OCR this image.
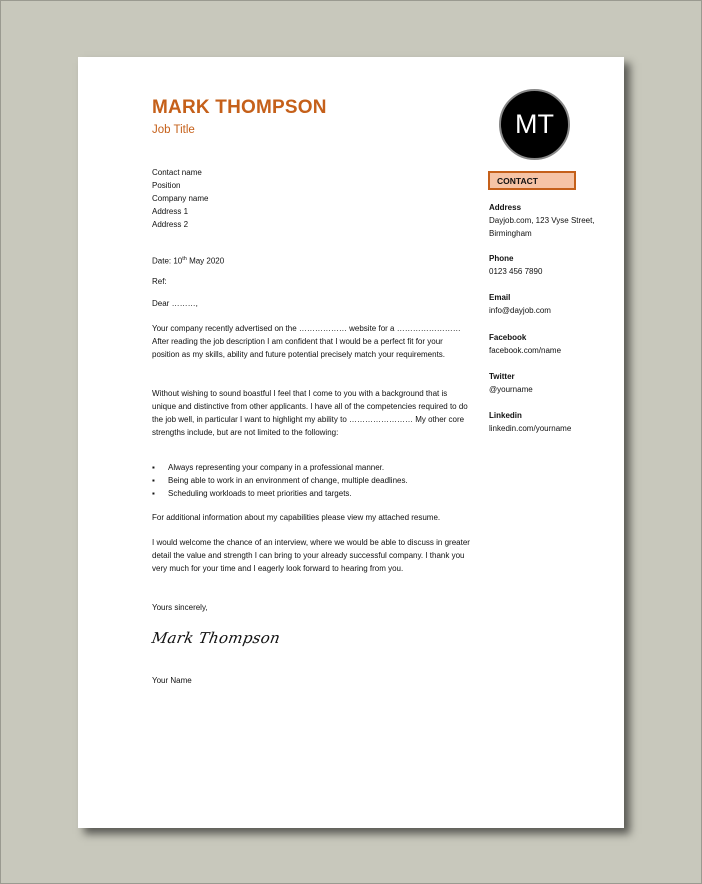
MARK THOMPSON
Job Title
Contact name
Position
Company name
Address 1
Address 2
Date: 10th May 2020
Ref:
Dear ………,
Your company recently advertised on the ……………… website for a …………………… After reading the job description I am confident that I would be a perfect fit for your position as my skills, ability and future potential precisely match your requirements.
Without wishing to sound boastful I feel that I come to you with a background that is unique and distinctive from other applicants. I have all of the competencies required to do the job well, in particular I want to highlight my ability to …………………… My other core strengths include, but are not limited to the following:
▪ Always representing your company in a professional manner.
▪ Being able to work in an environment of change, multiple deadlines.
▪ Scheduling workloads to meet priorities and targets.
For additional information about my capabilities please view my attached resume.
I would welcome the chance of an interview, where we would be able to discuss in greater detail the value and strength I can bring to your already successful company. I thank you very much for your time and I eagerly look forward to hearing from you.
Yours sincerely,
Mark Thompson
Your Name
MT
CONTACT
Address
Dayjob.com, 123 Vyse Street, Birmingham
Phone
0123 456 7890
Email
info@dayjob.com
Facebook
facebook.com/name
Twitter
@yourname
Linkedin
linkedin.com/yourname
